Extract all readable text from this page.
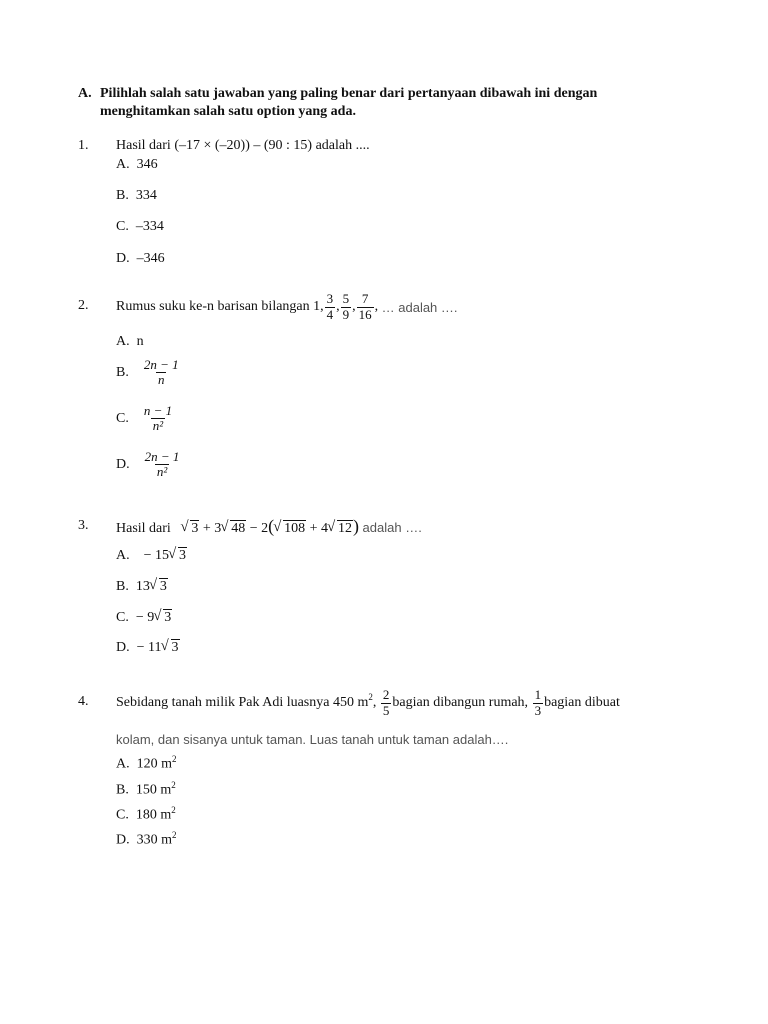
A. Pilihlah salah satu jawaban yang paling benar dari pertanyaan dibawah ini dengan
menghitamkan salah satu option yang ada.
1. Hasil dari (–17 × (–20)) – (90 : 15) adalah ....
A. 346
B. 334
C. –334
D. –346
2. Rumus suku ke-n barisan bilangan
1, $\frac{3}{4}$ , $\frac{5}{9}$ , $\frac{7}{16}$ , … adalah ….
A. n
B. $\frac{2n - 1}{n}$
C. $\frac{n - 1}{\text{n²}}$
D. $\frac{2n - 1}{\text{n²}}$
3. Hasil dari √ 3 + 3 √ 48 − 2( √ 108 + 4 √ 12) adalah ….
A. − 15 √ 3
B. 13 √ 3
C. − 9 √ 3
D. − 11 √ 3
4. Sebidang tanah milik Pak Adi luasnya 450 $m^2$ , $\frac{2}{5}$ bagian dibangun rumah,
$\frac{1}{3}$ bagian dibuat
kolam, dan sisanya untuk taman. Luas tanah untuk taman adalah….
A. 120 $m^2$
B. 150 $m^2$
C. 180 $m^2$
D. 330 $m^2$
